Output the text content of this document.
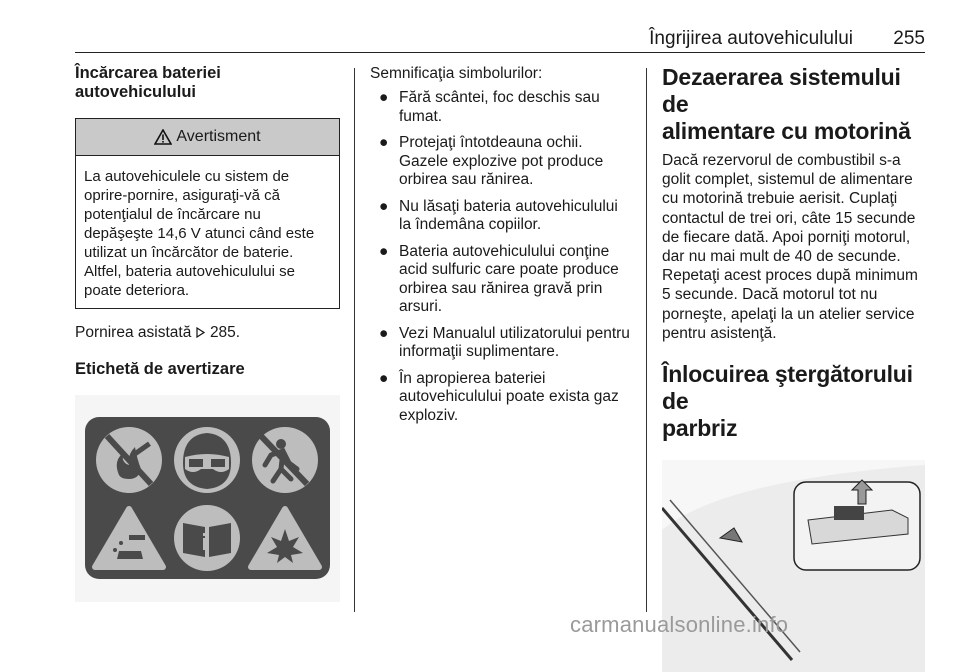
Îngrijirea autovehiculului 255

Încărcarea bateriei
autovehiculului

Avertisment
La autovehiculele cu sistem de oprire-pornire, asiguraţi-vă că potenţialul de încărcare nu depăşeşte 14,6 V atunci când este utilizat un încărcător de baterie. Altfel, bateria autovehiculului se poate deteriora.

Pornirea asistată 285.

Etichetă de avertizare

Semnificaţia simbolurilor:

● Fără scântei, foc deschis sau fumat.
● Protejaţi întotdeauna ochii. Gazele explozive pot produce orbirea sau rănirea.
● Nu lăsaţi bateria autovehiculului la îndemâna copiilor.
● Bateria autovehiculului conţine acid sulfuric care poate produce orbirea sau rănirea gravă prin arsuri.
● Vezi Manualul utilizatorului pentru informaţii suplimentare.
● În apropierea bateriei autovehiculului poate exista gaz exploziv.

Dezaerarea sistemului de
alimentare cu motorină

Dacă rezervorul de combustibil s-a golit complet, sistemul de alimentare cu motorină trebuie aerisit. Cuplaţi contactul de trei ori, câte 15 secunde de fiecare dată. Apoi porniţi motorul, dar nu mai mult de 40 de secunde. Repetaţi acest proces după minimum 5 secunde. Dacă motorul tot nu porneşte, apelaţi la un atelier service pentru asistenţă.

Înlocuirea ştergătorului de
parbriz

carmanualsonline.info
